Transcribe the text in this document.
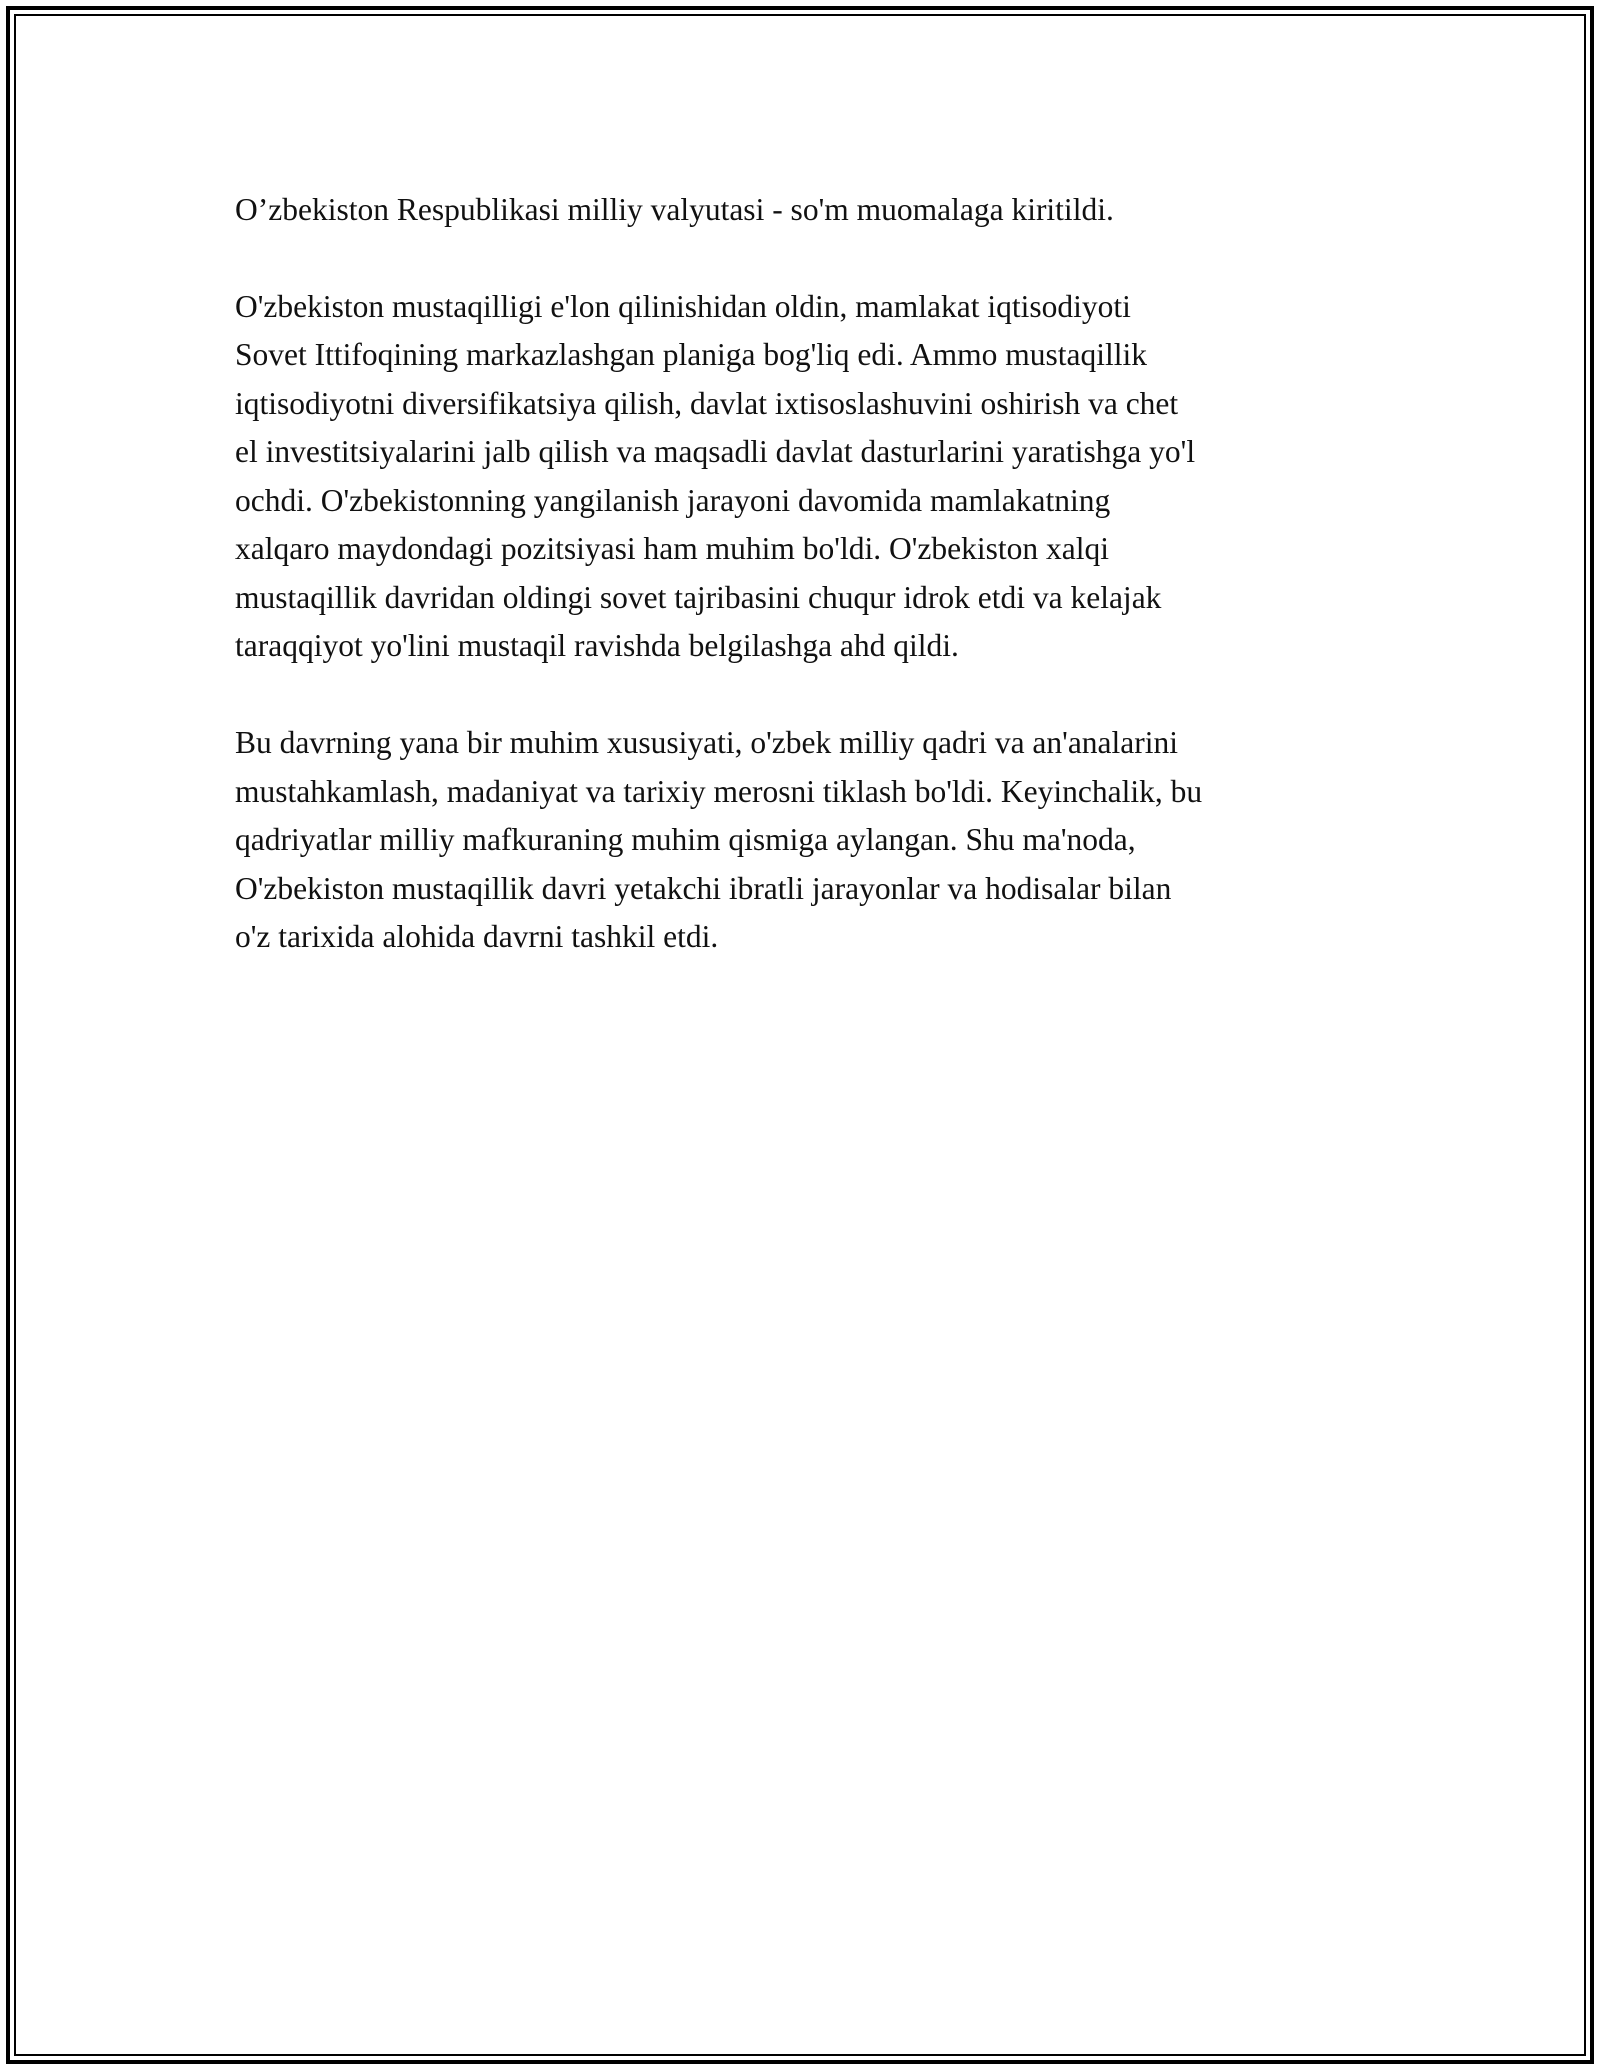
O’zbekiston Respublikasi milliy valyutasi - so'm muomalaga kiritildi.

O'zbekiston mustaqilligi e'lon qilinishidan oldin, mamlakat iqtisodiyoti
Sovet Ittifoqining markazlashgan planiga bog'liq edi. Ammo mustaqillik
iqtisodiyotni diversifikatsiya qilish, davlat ixtisoslashuvini oshirish va chet
el investitsiyalarini jalb qilish va maqsadli davlat dasturlarini yaratishga yo'l
ochdi. O'zbekistonning yangilanish jarayoni davomida mamlakatning
xalqaro maydondagi pozitsiyasi ham muhim bo'ldi. O'zbekiston xalqi
mustaqillik davridan oldingi sovet tajribasini chuqur idrok etdi va kelajak
taraqqiyot yo'lini mustaqil ravishda belgilashga ahd qildi.

Bu davrning yana bir muhim xususiyati, o'zbek milliy qadri va an'analarini
mustahkamlash, madaniyat va tarixiy merosni tiklash bo'ldi. Keyinchalik, bu
qadriyatlar milliy mafkuraning muhim qismiga aylangan. Shu ma'noda,
O'zbekiston mustaqillik davri yetakchi ibratli jarayonlar va hodisalar bilan
o'z tarixida alohida davrni tashkil etdi.
